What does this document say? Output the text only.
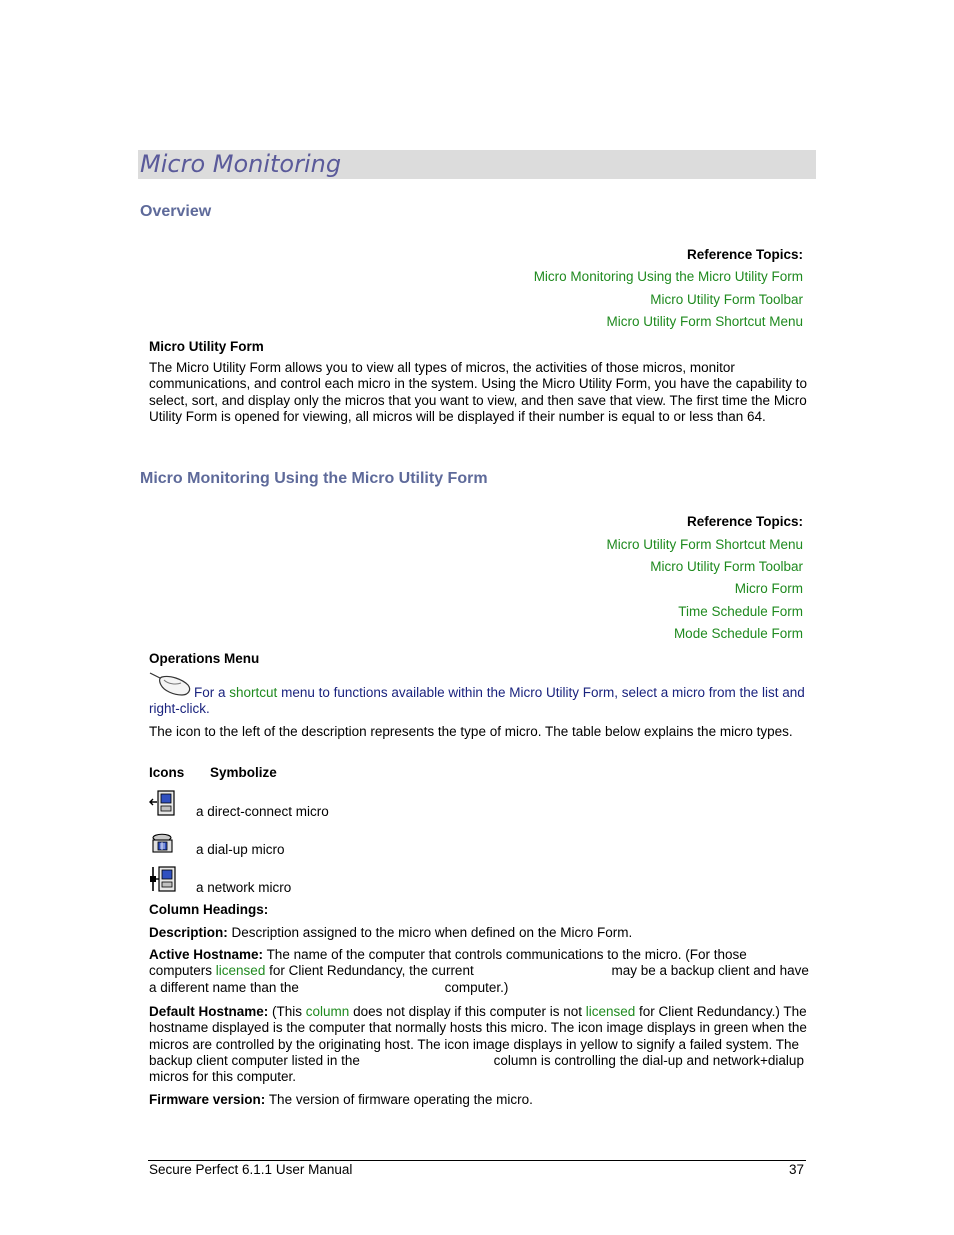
Micro Monitoring
Overview
Reference Topics:
Micro Monitoring Using the Micro Utility Form
Micro Utility Form Toolbar
Micro Utility Form Shortcut Menu
Micro Utility Form
The Micro Utility Form allows you to view all types of micros, the activities of those micros, monitor communications, and control each micro in the system. Using the Micro Utility Form, you have the capability to select, sort, and display only the micros that you want to view, and then save that view. The first time the Micro Utility Form is opened for viewing, all micros will be displayed if their number is equal to or less than 64.
Micro Monitoring Using the Micro Utility Form
Reference Topics:
Micro Utility Form Shortcut Menu
Micro Utility Form Toolbar
Micro Form
Time Schedule Form
Mode Schedule Form
Operations Menu
For a shortcut menu to functions available within the Micro Utility Form, select a micro from the list and right-click.
The icon to the left of the description represents the type of micro. The table below explains the micro types.
Icons Symbolize
a direct-connect micro
a dial-up micro
a network micro
Column Headings:
Description: Description assigned to the micro when defined on the Micro Form.
Active Hostname: The name of the computer that controls communications to the micro. (For those computers licensed for Client Redundancy, the current	may be a backup client and have a different name than the	computer.)
Default Hostname: (This column does not display if this computer is not licensed for Client Redundancy.) The hostname displayed is the computer that normally hosts this micro. The icon image displays in green when the micros are controlled by the originating host. The icon image displays in yellow to signify a failed system. The backup client computer listed in the	column is controlling the dial-up and network+dialup micros for this computer.
Firmware version: The version of firmware operating the micro.
Secure Perfect 6.1.1 User Manual	37
